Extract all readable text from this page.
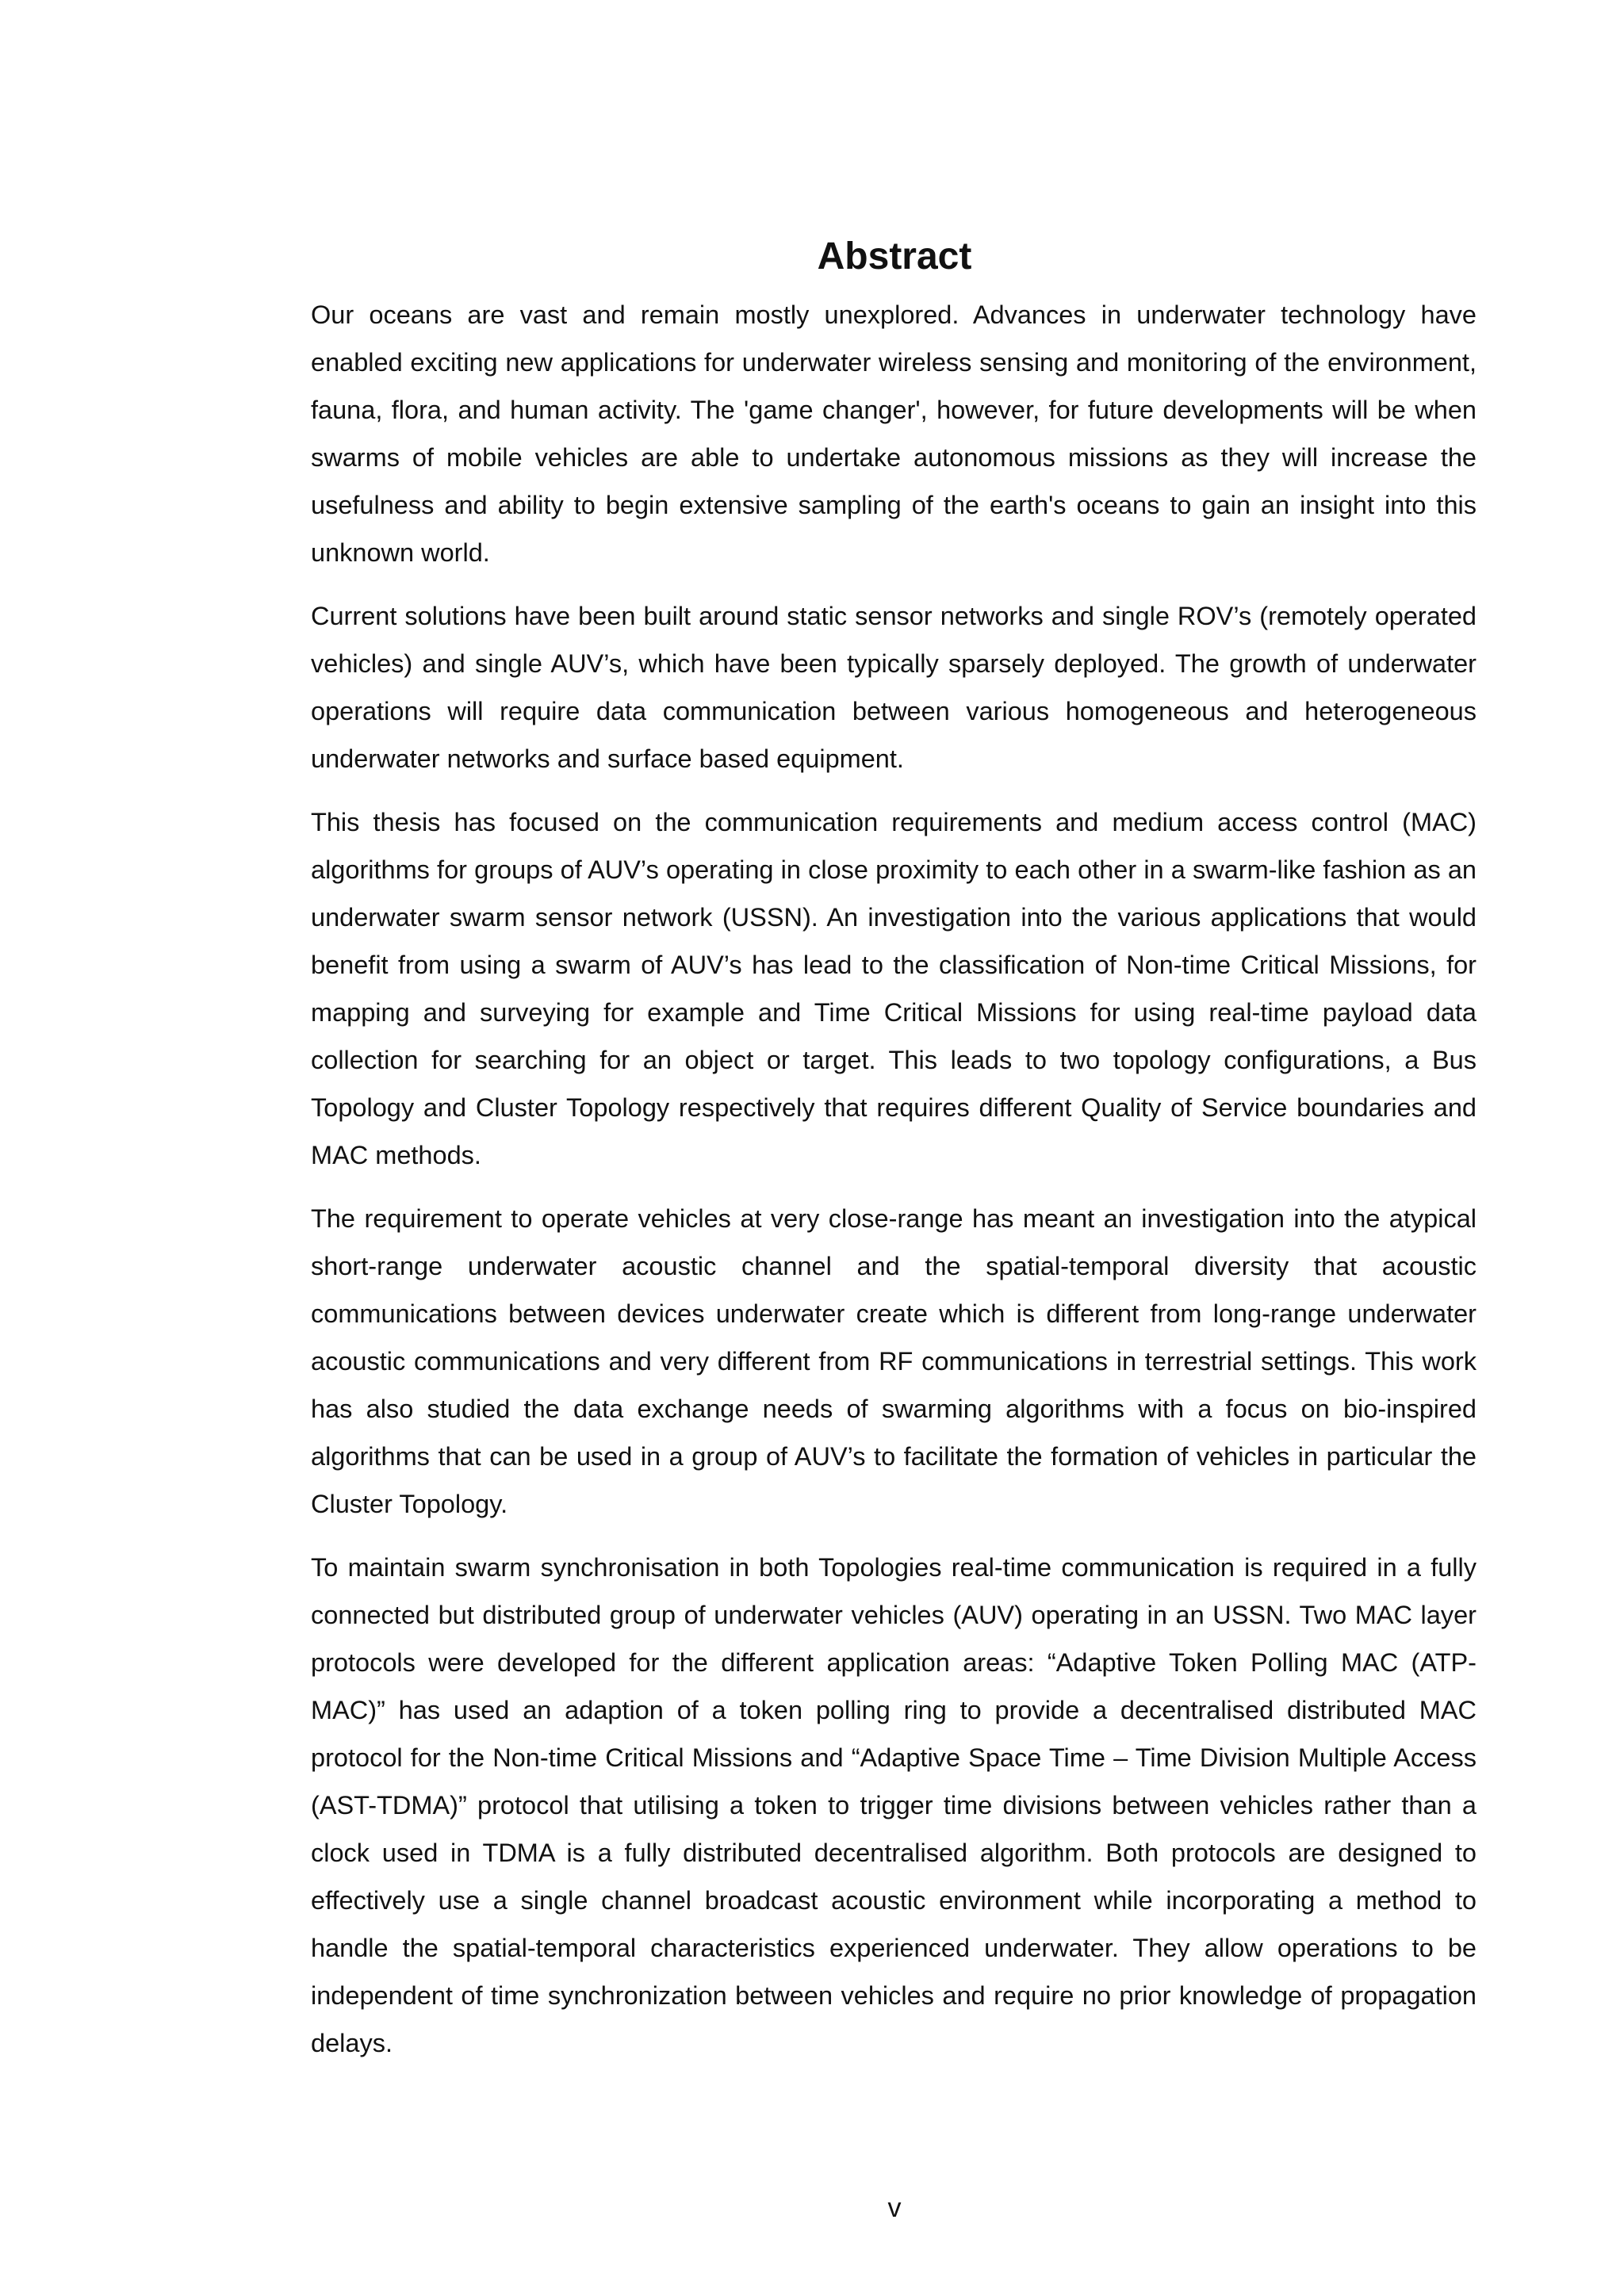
Abstract

Our oceans are vast and remain mostly unexplored. Advances in underwater technology have enabled exciting new applications for underwater wireless sensing and monitoring of the environment, fauna, flora, and human activity. The 'game changer', however, for future developments will be when swarms of mobile vehicles are able to undertake autonomous missions as they will increase the usefulness and ability to begin extensive sampling of the earth's oceans to gain an insight into this unknown world.

Current solutions have been built around static sensor networks and single ROV’s (remotely operated vehicles) and single AUV’s, which have been typically sparsely deployed. The growth of underwater operations will require data communication between various homogeneous and heterogeneous underwater networks and surface based equipment.

This thesis has focused on the communication requirements and medium access control (MAC) algorithms for groups of AUV’s operating in close proximity to each other in a swarm-like fashion as an underwater swarm sensor network (USSN). An investigation into the various applications that would benefit from using a swarm of AUV’s has lead to the classification of Non-time Critical Missions, for mapping and surveying for example and Time Critical Missions for using real-time payload data collection for searching for an object or target. This leads to two topology configurations, a Bus Topology and Cluster Topology respectively that requires different Quality of Service boundaries and MAC methods.

The requirement to operate vehicles at very close-range has meant an investigation into the atypical short-range underwater acoustic channel and the spatial-temporal diversity that acoustic communications between devices underwater create which is different from long-range underwater acoustic communications and very different from RF communications in terrestrial settings. This work has also studied the data exchange needs of swarming algorithms with a focus on bio-inspired algorithms that can be used in a group of AUV’s to facilitate the formation of vehicles in particular the Cluster Topology.

To maintain swarm synchronisation in both Topologies real-time communication is required in a fully connected but distributed group of underwater vehicles (AUV) operating in an USSN. Two MAC layer protocols were developed for the different application areas: “Adaptive Token Polling MAC (ATP-MAC)” has used an adaption of a token polling ring to provide a decentralised distributed MAC protocol for the Non-time Critical Missions and “Adaptive Space Time – Time Division Multiple Access (AST-TDMA)” protocol that utilising a token to trigger time divisions between vehicles rather than a clock used in TDMA is a fully distributed decentralised algorithm. Both protocols are designed to effectively use a single channel broadcast acoustic environment while incorporating a method to handle the spatial-temporal characteristics experienced underwater. They allow operations to be independent of time synchronization between vehicles and require no prior knowledge of propagation delays.

v
